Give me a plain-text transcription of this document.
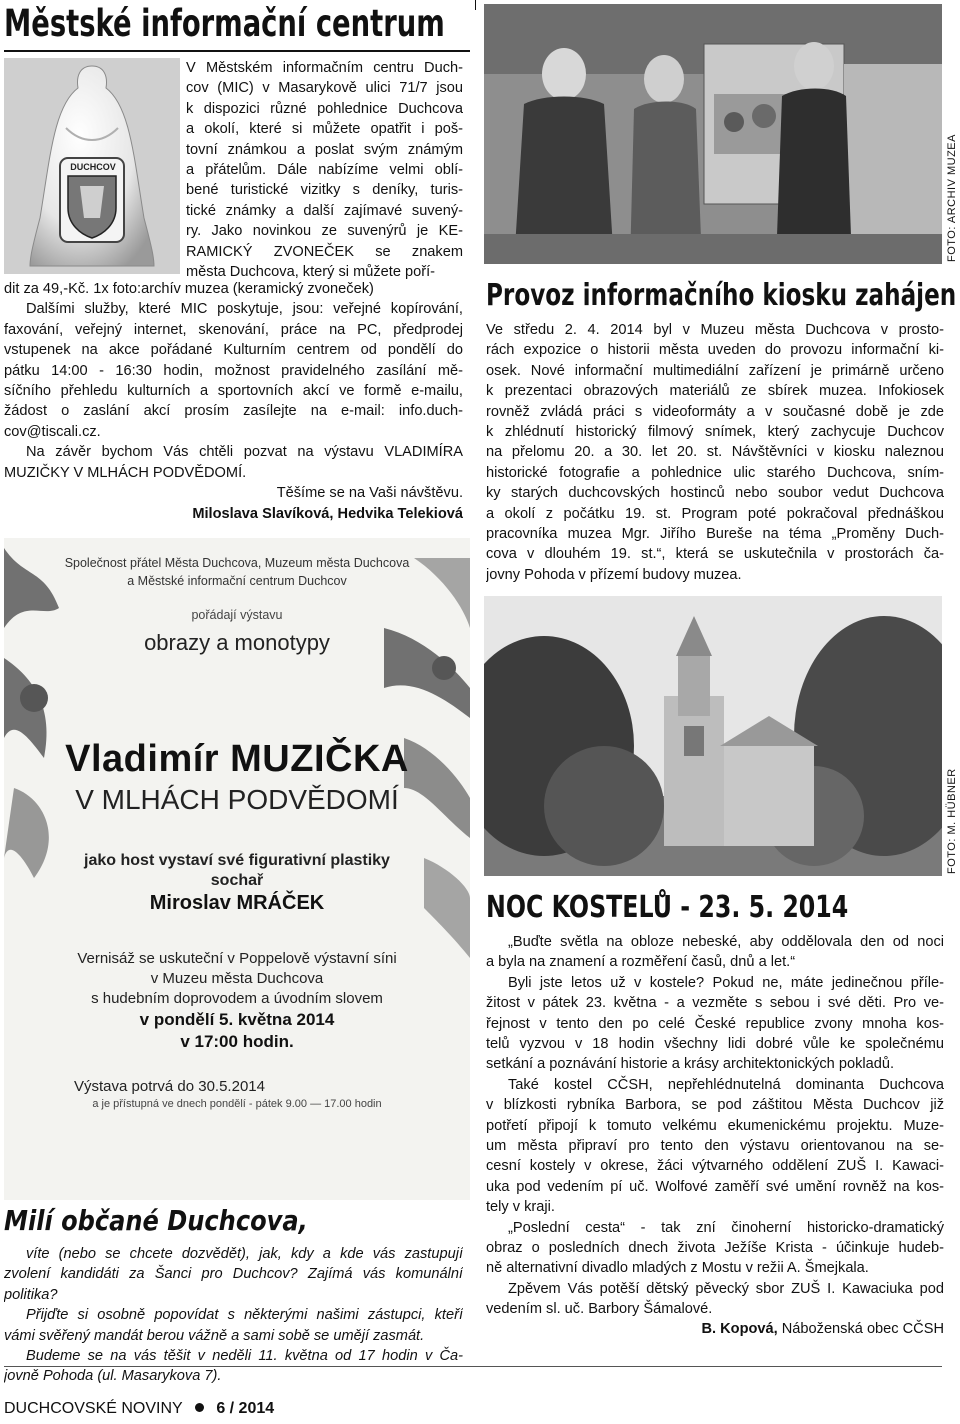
Městské informační centrum
DUCHCOV
V Městském informačním centru Duch-
cov (MIC) v Masarykově ulici 71/7 jsou
k dispozici různé pohlednice Duchcova
a okolí, které si můžete opatřit i poš-
tovní známkou a poslat svým známým
a přátelům. Dále nabízíme velmi oblí-
bené turistické vizitky s deníky, turis-
tické známky a další zajímavé suvený-
ry. Jako novinkou ze suvenýrů je KE-
RAMICKÝ ZVONEČEK se znakem
města Duchcova, který si můžete poří-
dit za 49,-Kč. 1x foto:archív muzea (keramický zvoneček)
Dalšími služby, které MIC poskytuje, jsou: veřejné kopírování,
faxování, veřejný internet, skenování, práce na PC, předprodej
vstupenek na akce pořádané Kulturním centrem od pondělí do
pátku 14:00 - 16:30 hodin, možnost pravidelného zasílání mě-
síčního přehledu kulturních a sportovních akcí ve formě e-mailu,
žádost o zaslání akcí prosím zasílejte na e-mail: info.duch-
cov@tiscali.cz.
Na závěr bychom Vás chtěli pozvat na výstavu VLADIMÍRA
MUZIČKY V MLHÁCH PODVĚDOMÍ.
Těšíme se na Vaši návštěvu.
Miloslava Slavíková, Hedvika Telekiová
Společnost přátel Města Duchcova, Muzeum města Duchcova
a Městské informační centrum Duchcov
pořádají výstavu
obrazy a monotypy
Vladimír MUZIČKA
V MLHÁCH PODVĚDOMÍ
jako host vystaví své figurativní plastiky
sochař
Miroslav MRÁČEK
Vernisáž se uskuteční v Poppelově výstavní síni
v Muzeu města Duchcova
s hudebním doprovodem a úvodním slovem
v pondělí 5. května 2014
v 17:00 hodin.
Výstava potrvá do 30.5.2014
a je přístupná ve dnech pondělí - pátek 9.00 — 17.00 hodin
Milí občané Duchcova,
víte (nebo se chcete dozvědět), jak, kdy a kde vás zastupují
zvolení kandidáti za Šanci pro Duchcov? Zajímá vás komunální
politika?
Přijďte si osobně popovídat s některými našimi zástupci, kteří
vámi svěřený mandát berou vážně a sami sobě se umějí zasmát.
Budeme se na vás těšit v neděli 11. května od 17 hodin v Ča-
jovně Pohoda (ul. Masarykova 7).
FOTO: ARCHIV MUZEA
Provoz informačního kiosku zahájen
Ve středu 2. 4. 2014 byl v Muzeu města Duchcova v prosto-
rách expozice o historii města uveden do provozu informační ki-
osek. Nové informační multimediální zařízení je primárně určeno
k prezentaci obrazových materiálů ze sbírek muzea. Infokiosek
rovněž zvládá práci s videoformáty a v současné době je zde
k zhlédnutí historický filmový snímek, který zachycuje Duchcov
na přelomu 20. a 30. let 20. st. Návštěvníci v kiosku naleznou
historické fotografie a pohlednice ulic starého Duchcova, sním-
ky starých duchcovských hostinců nebo soubor vedut Duchcova
a okolí z počátku 19. st. Program poté pokračoval přednáškou
pracovníka muzea Mgr. Jiřího Bureše na téma „Proměny Duch-
cova v dlouhém 19. st.“, která se uskutečnila v prostorách ča-
jovny Pohoda v přízemí budovy muzea.
FOTO: M. HÜBNER
NOC KOSTELŮ - 23. 5. 2014
„Buďte světla na obloze nebeské, aby oddělovala den od noci
a byla na znamení a rozměření časů, dnů a let.“
Byli jste letos už v kostele? Pokud ne, máte jedinečnou příle-
žitost v pátek 23. května - a vezměte s sebou i své děti. Pro ve-
řejnost v tento den po celé České republice zvony mnoha kos-
telů vyzvou v 18 hodin všechny lidi dobré vůle ke společnému
setkání a poznávání historie a krásy architektonických pokladů.
Také kostel CČSH, nepřehlédnutelná dominanta Duchcova
v blízkosti rybníka Barbora, se pod záštitou Města Duchcov již
potřetí připojí k tomuto velkému ekumenickému projektu. Muze-
um města připraví pro tento den výstavu orientovanou na se-
cesní kostely v okrese, žáci výtvarného oddělení ZUŠ I. Kawaci-
uka pod vedením pí uč. Wolfové zaměří své umění rovněž na kos-
tely v kraji.
„Poslední cesta“ - tak zní činoherní historicko-dramatický
obraz o posledních dnech života Ježíše Krista - účinkuje hudeb-
ně alternativní divadlo mladých z Mostu v režii A. Šmejkala.
Zpěvem Vás potěší dětský pěvecký sbor ZUŠ I. Kawaciuka pod
vedením sl. uč. Barbory Šámalové.
B. Kopová, Náboženská obec CČSH
DUCHCOVSKÉ NOVINY 6 / 2014
